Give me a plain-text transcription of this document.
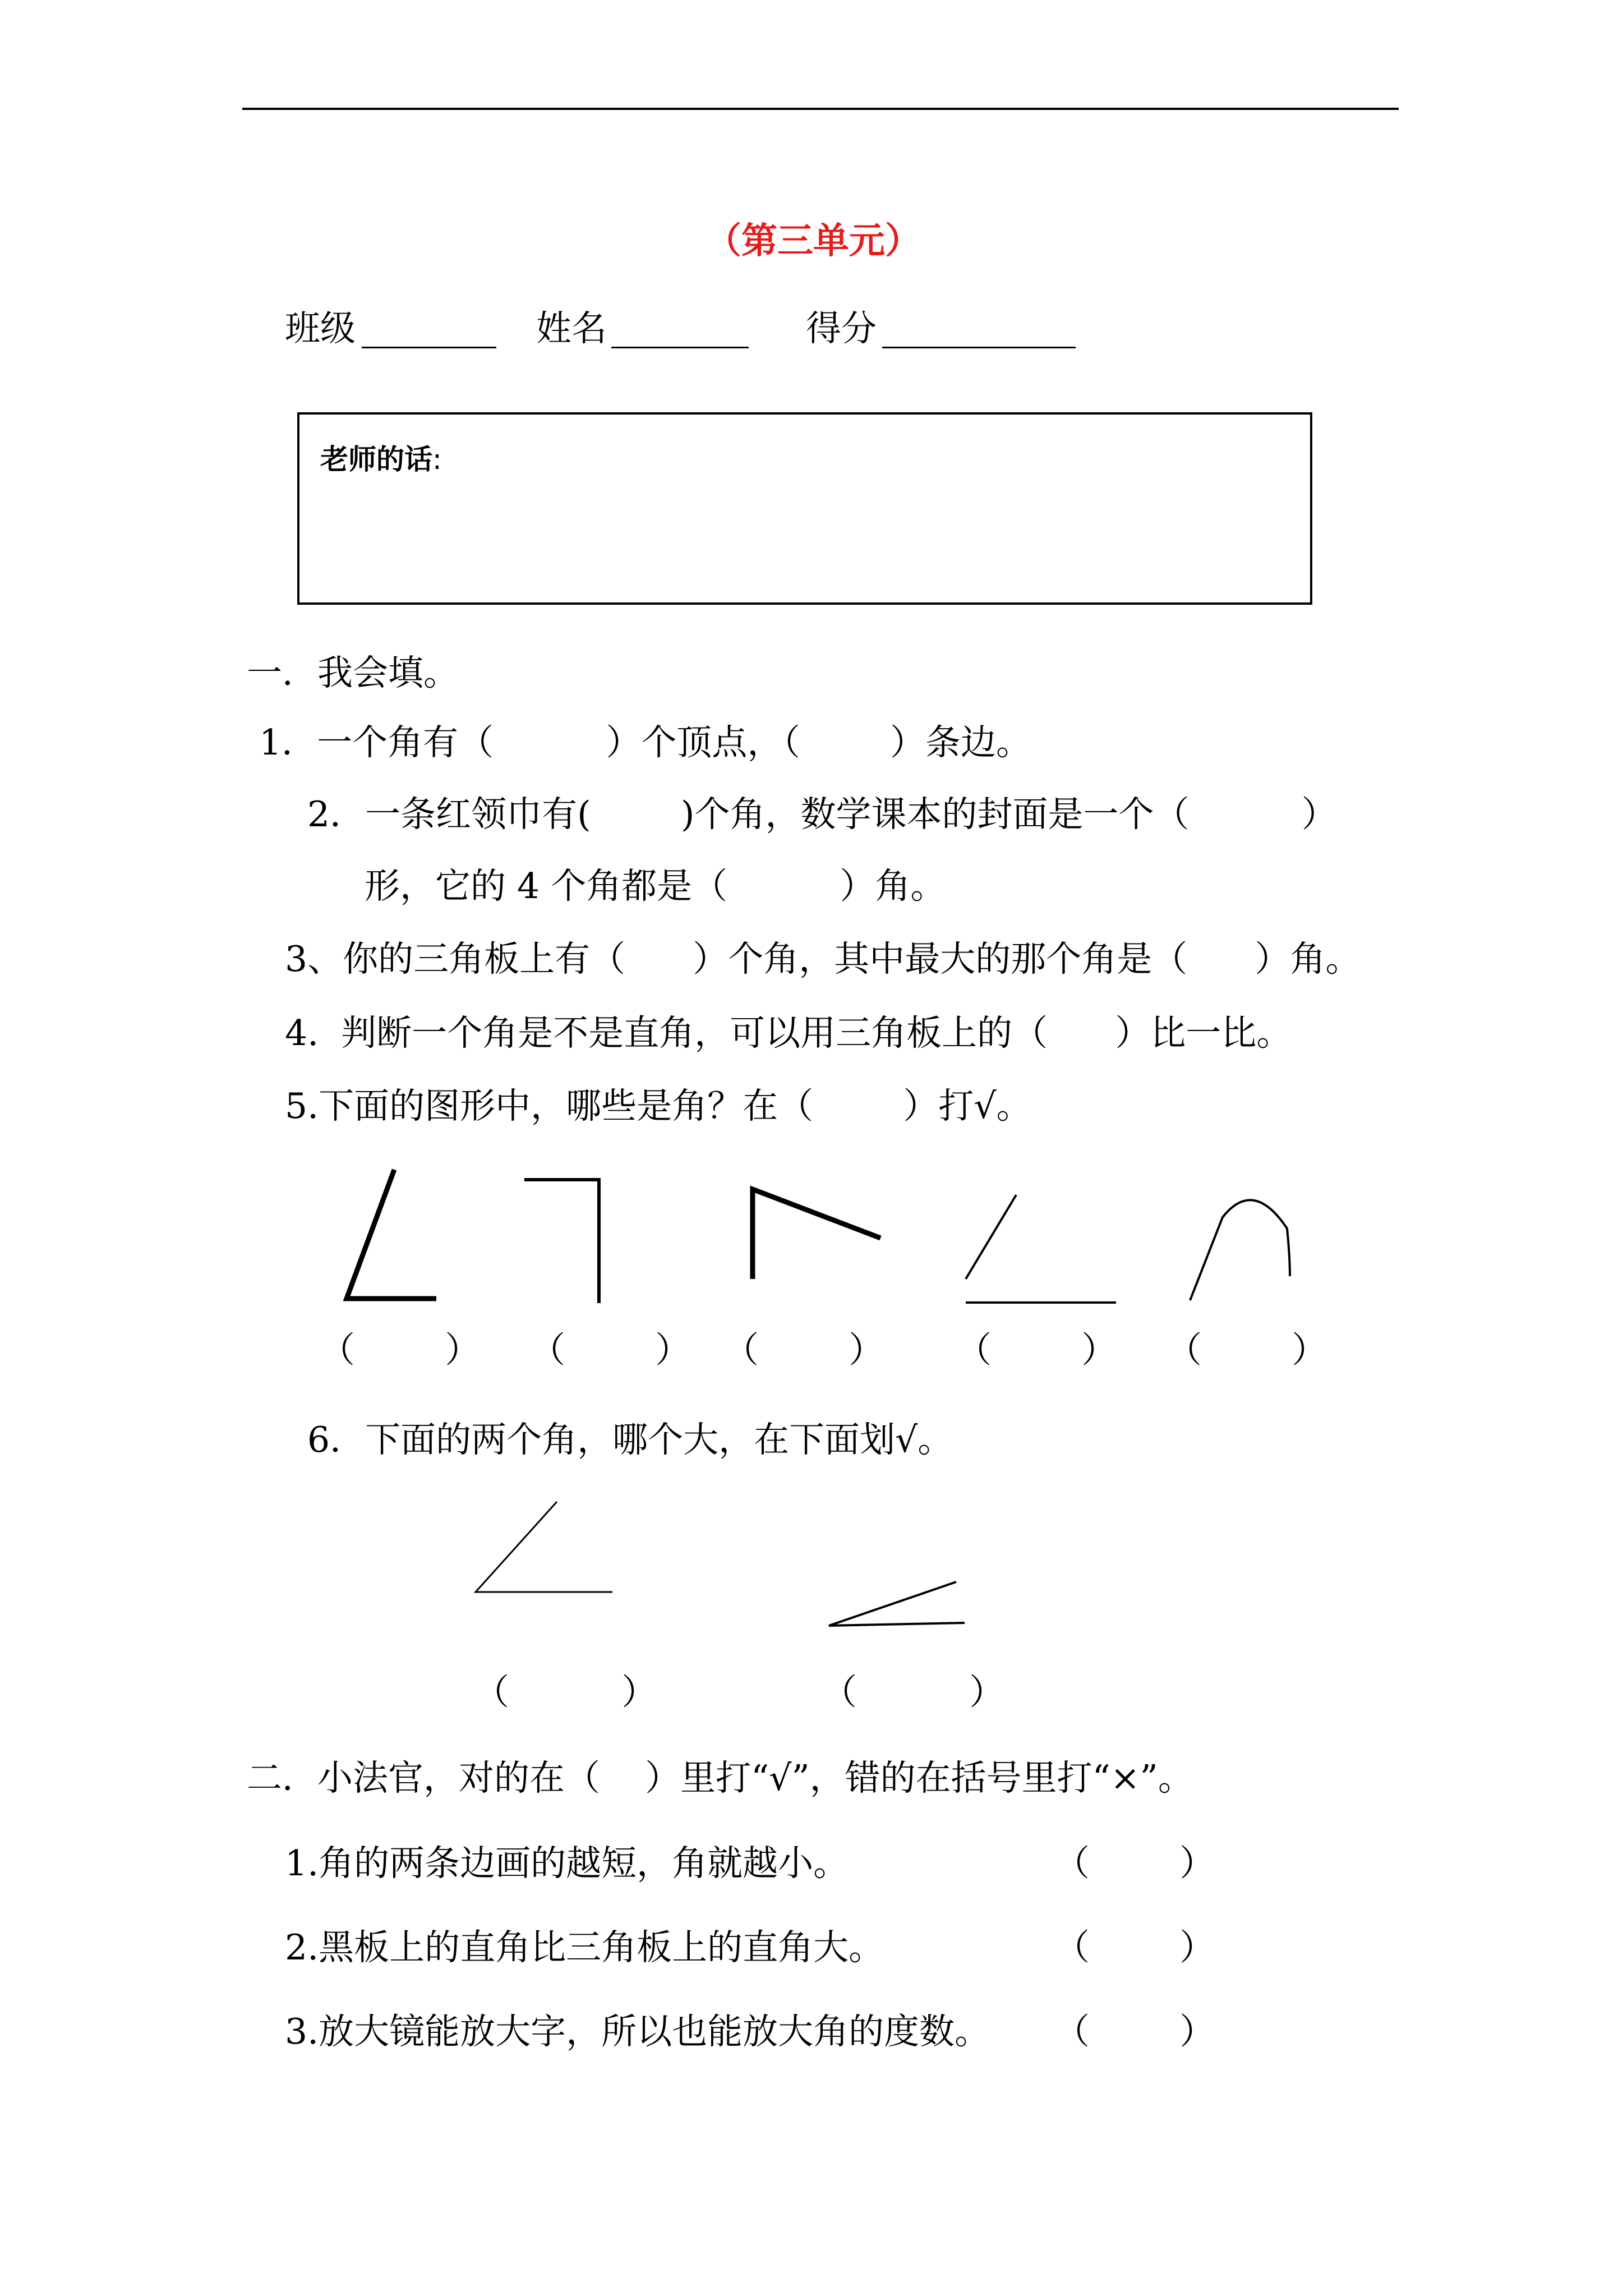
（第三单元）
班级	姓名	得分
老师的话:
一．我会填。
1．一个角有（          ）个顶点，（        ）条边。
2．一条红领巾有(        )个角，数学课本的封面是一个（          ）
形，它的 4 个角都是（          ）角。
3、你的三角板上有（      ）个角，其中最大的那个角是（      ）角。
4.  判断一个角是不是直角，可以用三角板上的（      ）比一比。
5.下面的图形中，哪些是角？在（        ）打√。
（        ） （        ） （        ） （        ） （        ）
6．下面的两个角，哪个大，在下面划√。
（          ）	（          ）
二．小法官，对的在（    ）里打“√”，错的在括号里打“×”。
1.角的两条边画的越短，角就越小。	（        ）
2.黑板上的直角比三角板上的直角大。	（        ）
3.放大镜能放大字，所以也能放大角的度数。 （        ）
